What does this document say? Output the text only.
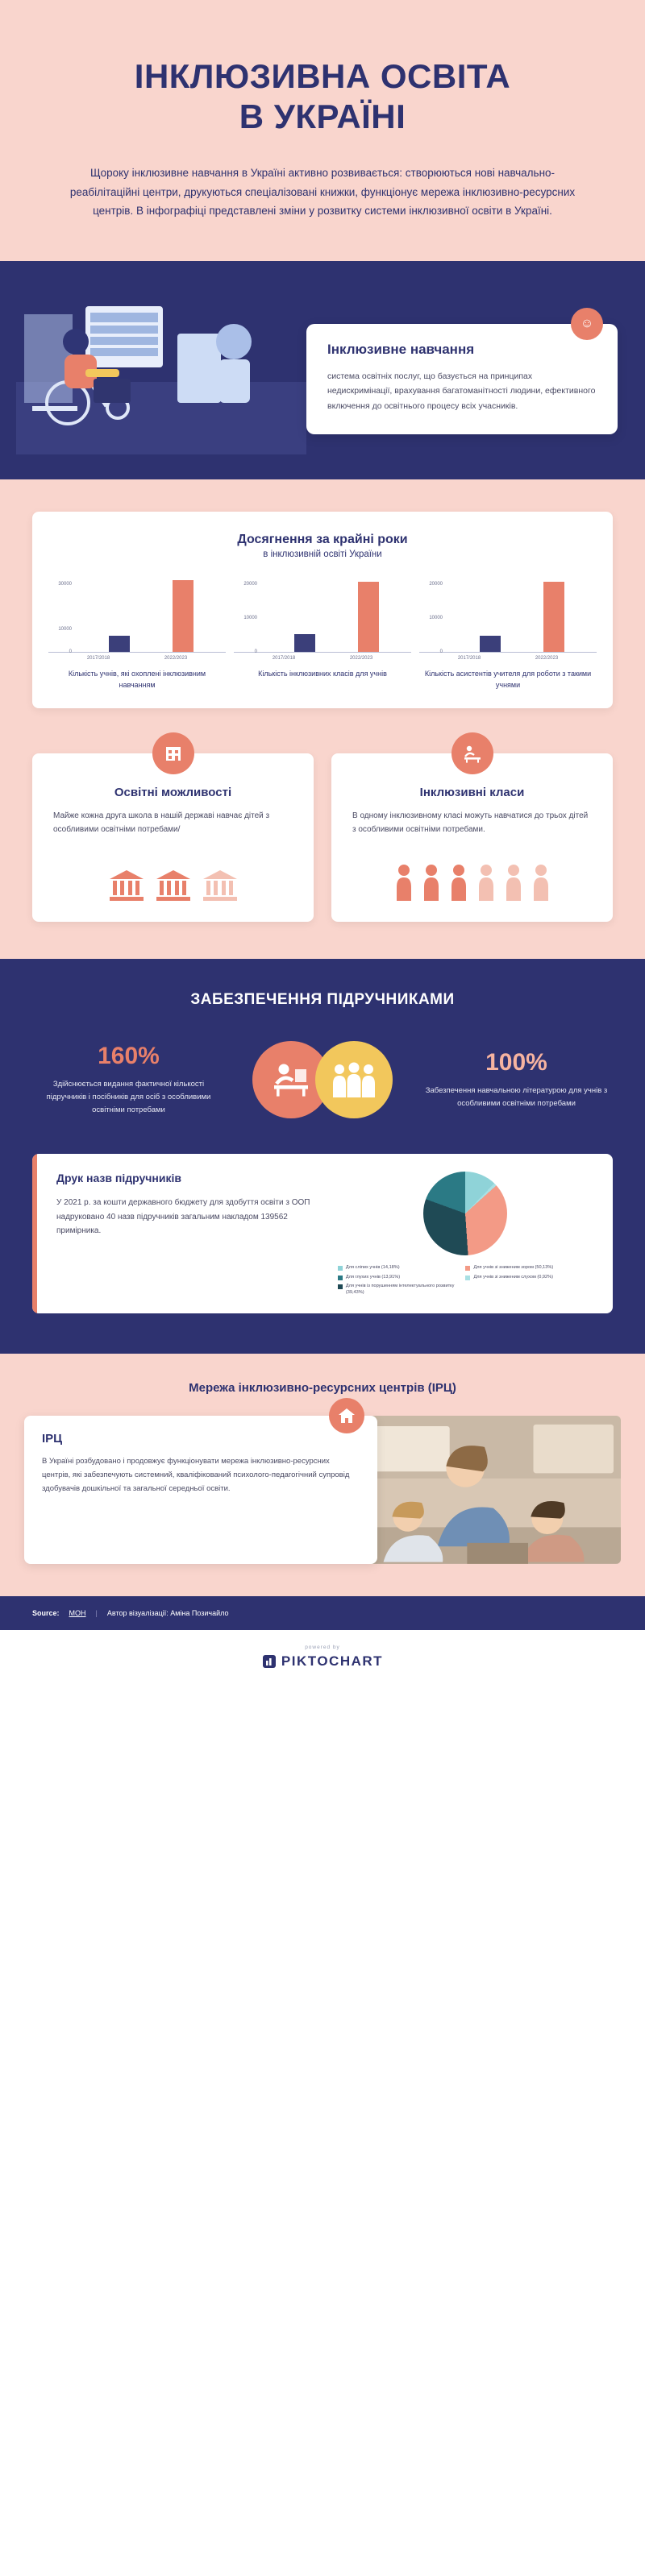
ІНКЛЮЗИВНА ОСВІТА
В УКРАЇНІ

Щороку інклюзивне навчання в Україні активно розвивається: створюються нові навчально-реабілітаційні центри, друкуються спеціалізовані книжки, функціонує мережа інклюзивно-ресурсних центрів. В інфографіці представлені зміни у розвитку системи інклюзивної освіти в Україні.

☺
Інклюзивне навчання

система освітніх послуг, що базується на принципах недискримінації, врахування багатоманітності людини, ефективного включення до освітнього процесу всіх учасників.

Досягнення за крайні роки
в інклюзивній освіті України
0
10000
30000
2017/2018	2022/2023
Кількість учнів, які охоплені інклюзивним навчанням
0
10000
20000
2017/2018	2022/2023
Кількість інклюзивних класів для учнів
0
10000
20000
2017/2018	2022/2023
Кількість асистентів учителя для роботи з такими учнями
Освітні можливості

Майже кожна друга школа в нашій державі навчає дітей з особливими освітніми потребами/

Інклюзивні класи

В одному інклюзивному класі можуть навчатися до трьох дітей з особливими освітніми потребами.

ЗАБЕЗПЕЧЕННЯ ПІДРУЧНИКАМИ
160%
Здійснюється видання фактичної кількості підручників і посібників для осіб з особливими освітніми потребами
100%
Забезпечення навчальною літературою для учнів з особливими освітніми потребами
Друк назв підручників

У 2021 р. за кошти державного бюджету для здобуття освіти з ООП надруковано 40 назв підручників загальним накладом 139562 примірника.

Для сліпих учнів (14,18%)	Для учнів зі зниженим зором (50,13%)
Для глухих учнів (13,91%)	Для учнів зі зниженим слухом (0,92%)
Для учнів із порушенням інтелектуального розвитку (39,43%)
Мережа інклюзивно-ресурсних центрів (ІРЦ)
ІРЦ

В Україні розбудовано і продовжує функціонувати мережа інклюзивно-ресурсних центрів, які забезпечують системний, кваліфікований психолого-педагогічний супровід здобувачів дошкільної та загальної середньої освіти.

Source: МОН | Автор візуалізації: Аміна Позичайло
powered by
PIKTOCHART
